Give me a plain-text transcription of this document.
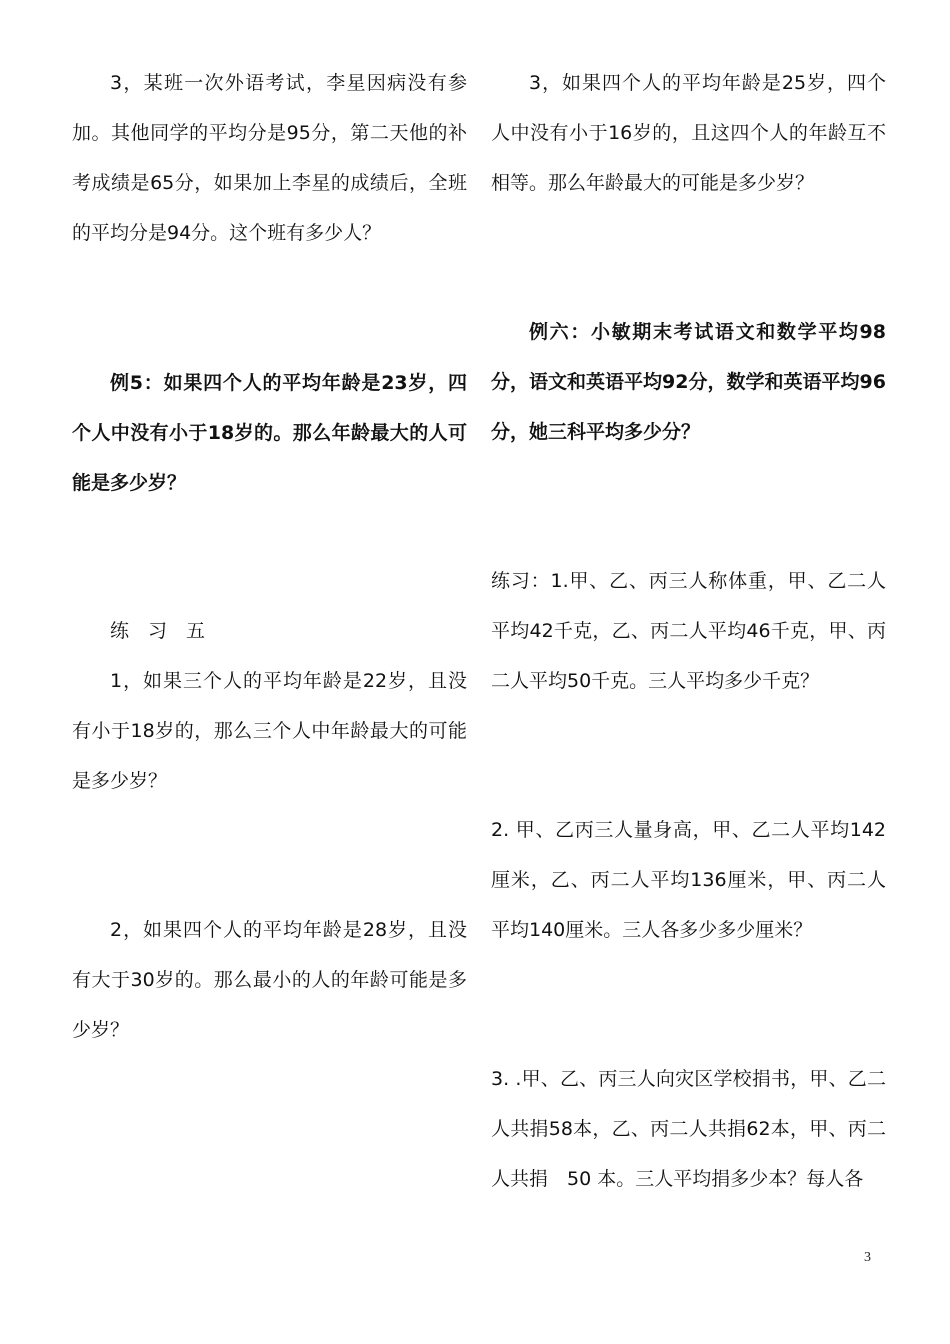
3，某班一次外语考试，李星因病没有参加。其他同学的平均分是95分，第二天他的补考成绩是65分，如果加上李星的成绩后，全班的平均分是94分。这个班有多少人？

例5：如果四个人的平均年龄是23岁，四个人中没有小于18岁的。那么年龄最大的人可能是多少岁？

练　习　五

1，如果三个人的平均年龄是22岁，且没有小于18岁的，那么三个人中年龄最大的可能是多少岁？

2，如果四个人的平均年龄是28岁，且没有大于30岁的。那么最小的人的年龄可能是多少岁？

3，如果四个人的平均年龄是25岁，四个人中没有小于16岁的，且这四个人的年龄互不相等。那么年龄最大的可能是多少岁？

例六：小敏期末考试语文和数学平均98分，语文和英语平均92分，数学和英语平均96分，她三科平均多少分？

练习：1.甲、乙、丙三人称体重，甲、乙二人平均42千克，乙、丙二人平均46千克，甲、丙二人平均50千克。三人平均多少千克？

2. 甲、乙丙三人量身高，甲、乙二人平均142厘米，乙、丙二人平均136厘米，甲、丙二人平均140厘米。三人各多少多少厘米？

3. .甲、乙、丙三人向灾区学校捐书，甲、乙二人共捐58本，乙、丙二人共捐62本，甲、丙二人共捐　50 本。三人平均捐多少本？每人各

3
